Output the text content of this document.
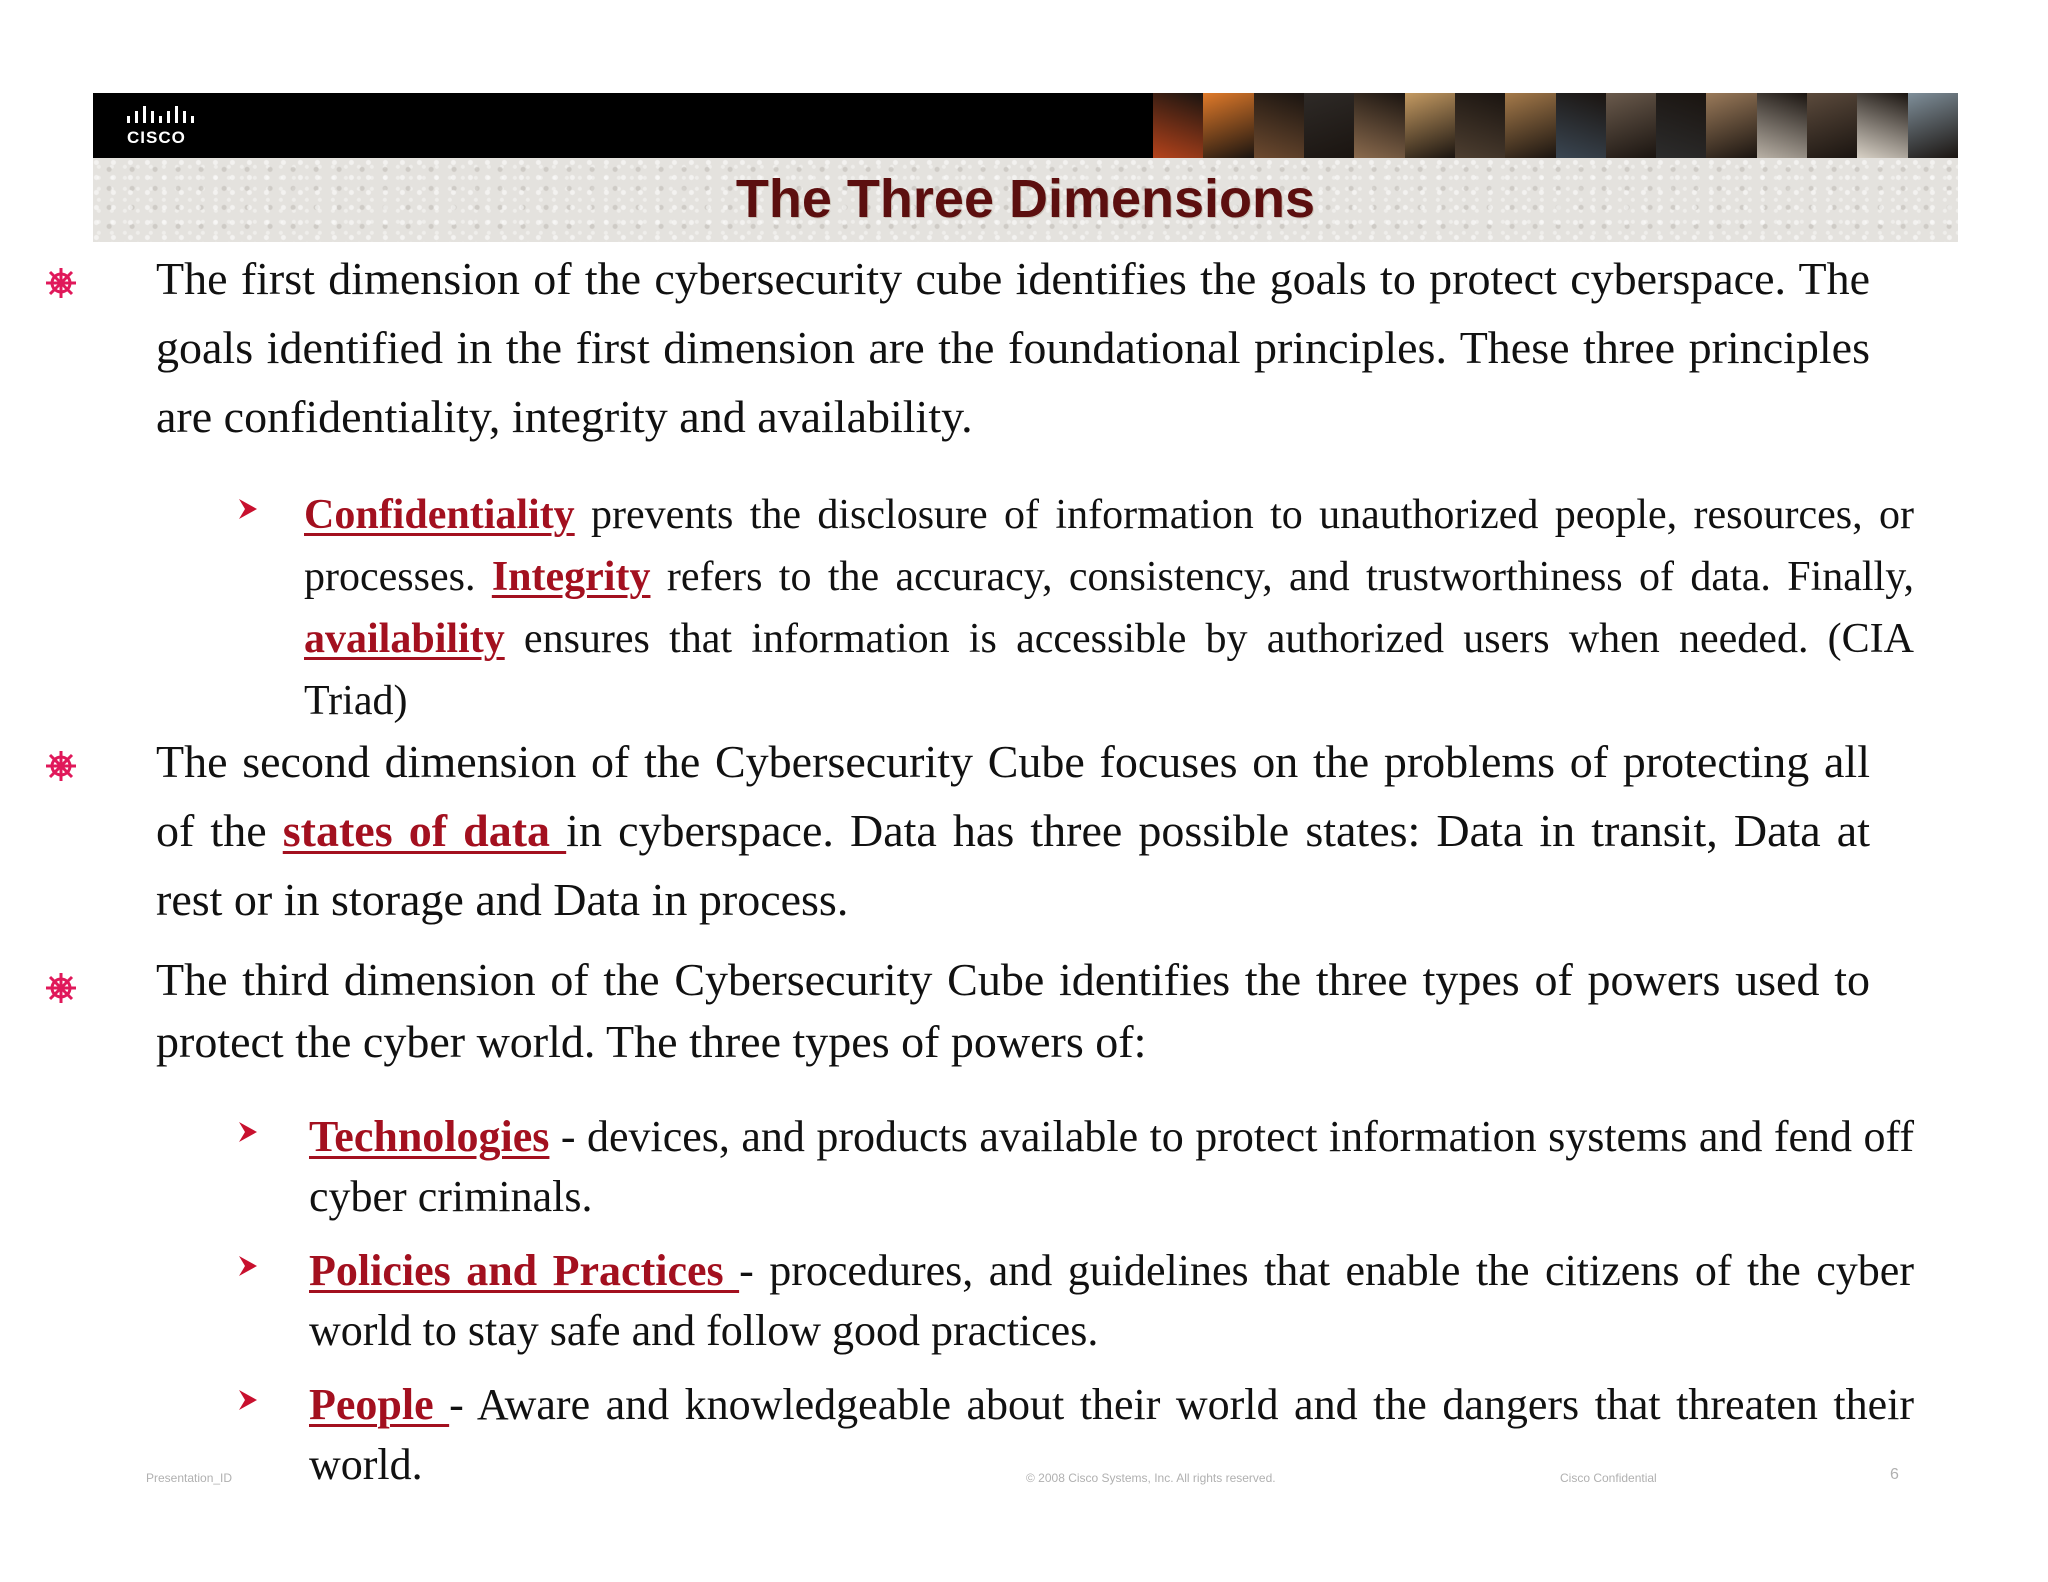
CISCO
The Three Dimensions
The first dimension of the cybersecurity cube identifies the goals to protect cyberspace. The goals identified in the first dimension are the foundational principles. These three principles are confidentiality, integrity and availability.
Confidentiality prevents the disclosure of information to unauthorized people, resources, or processes. Integrity refers to the accuracy, consistency, and trustworthiness of data. Finally, availability ensures that information is accessible by authorized users when needed. (CIA Triad)
The second dimension of the Cybersecurity Cube focuses on the problems of protecting all of the states of data in cyberspace. Data has three possible states: Data in transit, Data at rest or in storage and Data in process.
The third dimension of the Cybersecurity Cube identifies the three types of powers used to protect the cyber world. The three types of powers of:
Technologies - devices, and products available to protect information systems and fend off cyber criminals.
Policies and Practices - procedures, and guidelines that enable the citizens of the cyber world to stay safe and follow good practices.
People - Aware and knowledgeable about their world and the dangers that threaten their world.
Presentation_ID	© 2008 Cisco Systems, Inc. All rights reserved.	Cisco Confidential	6
